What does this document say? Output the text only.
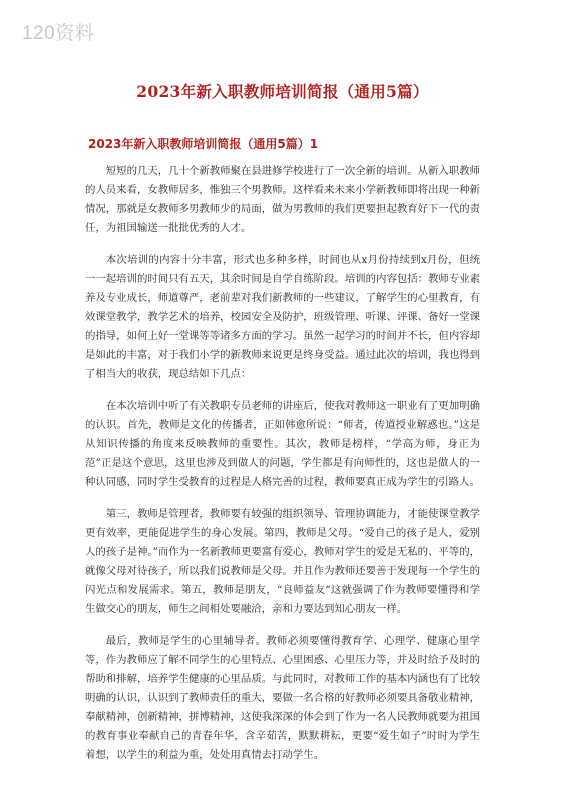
120资料
2023年新入职教师培训简报（通用5篇）
2023年新入职教师培训简报（通用5篇）1

短短的几天，几十个新教师聚在县进修学校进行了一次全新的培训。从新入职教师的人员来看，女教师居多，惟独三个男教师。这样看来未来小学新教师即将出现一种新情况，那就是女教师多男教师少的局面，做为男教师的我们更要担起教育好下一代的责任，为祖国输送一批批优秀的人才。

本次培训的内容十分丰富，形式也多种多样，时间也从x月份持续到x月份，但统一一起培训的时间只有五天，其余时间是自学自练阶段。培训的内容包括：教师专业素养及专业成长，师道尊严，老前辈对我们新教师的一些建议，了解学生的心里教育，有效课堂教学，教学艺术的培养，校园安全及防护，班级管理、听课、评课、备好一堂课的指导，如何上好一堂课等等诸多方面的学习。虽然一起学习的时间并不长，但内容却是如此的丰富，对于我们小学的新教师来说更是终身受益。通过此次的培训，我也得到了相当大的收获，现总结如下几点：

在本次培训中听了有关教职专员老师的讲座后，使我对教师这一职业有了更加明确的认识。首先，教师是文化的传播者，正如韩愈所说：“师者，传道授业解惑也。”这是从知识传播的角度来反映教师的重要性。其次，教师是榜样，“学高为师，身正为范”正是这个意思，这里也涉及到做人的问题，学生都是有向师性的，这也是做人的一种认同感，同时学生受教育的过程是人格完善的过程，教师要真正成为学生的引路人。

第三，教师是管理者，教师要有较强的组织领导、管理协调能力，才能使课堂教学更有效率，更能促进学生的身心发展。第四，教师是父母。“爱自己的孩子是人，爱别人的孩子是神。”而作为一名新教师更要富有爱心，教师对学生的爱是无私的、平等的，就像父母对待孩子，所以我们说教师是父母。并且作为教师还要善于发现每一个学生的闪光点和发展需求。第五，教师是朋友，“良师益友”这就强调了作为教师要懂得和学生做交心的朋友，师生之间相处要融洽，亲和力要达到知心朋友一样。

最后，教师是学生的心里辅导者。教师必须要懂得教育学、心理学、健康心里学等，作为教师应了解不同学生的心里特点、心里困惑、心里压力等，并及时给予及时的帮助和排解，培养学生健康的心里品质。与此同时，对教师工作的基本内涵也有了比较明确的认识，认识到了教师责任的重大，要做一名合格的好教师必须要具备敬业精神，奉献精神，创新精神，拼博精神，这使我深深的体会到了作为一名人民教师就要为祖国的教育事业奉献自己的青春年华，含辛茹苦，默默耕耘，更要“爱生如子”时时为学生着想，以学生的利益为重，处处用真情去打动学生。
